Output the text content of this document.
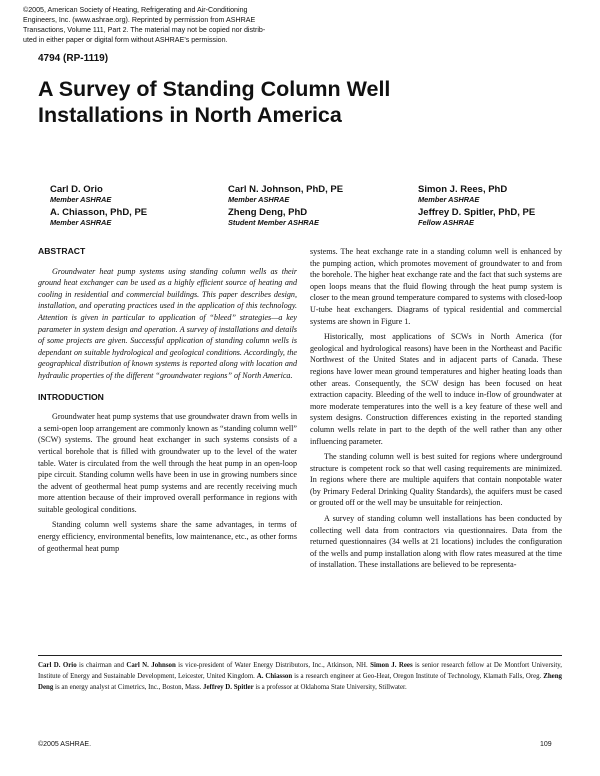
©2005, American Society of Heating, Refrigerating and Air-Conditioning
Engineers, Inc. (www.ashrae.org). Reprinted by permission from ASHRAE
Transactions, Volume 111, Part 2. The material may not be copied nor distrib-
uted in either paper or digital form without ASHRAE’s permission.
4794 (RP-1119)
A Survey of Standing Column Well
Installations in North America
Carl D. Orio
Member ASHRAE
Carl N. Johnson, PhD, PE
Member ASHRAE
Simon J. Rees, PhD
Member ASHRAE
A. Chiasson, PhD, PE
Member ASHRAE
Zheng Deng, PhD
Student Member ASHRAE
Jeffrey D. Spitler, PhD, PE
Fellow ASHRAE
ABSTRACT

Groundwater heat pump systems using standing column wells as their ground heat exchanger can be used as a highly efficient source of heating and cooling in residential and commercial buildings. This paper describes design, installation, and operating practices used in the application of this technology. Attention is given in particular to application of “bleed” strategies—a key parameter in system design and operation. A survey of installations and details of some projects are given. Successful application of standing column wells is dependant on suitable hydrological and geological conditions. Accordingly, the geographical distribution of known systems is reported along with location and hydraulic properties of the different “groundwater regions” of North America.

INTRODUCTION

Groundwater heat pump systems that use groundwater drawn from wells in a semi-open loop arrangement are commonly known as “standing column well” (SCW) systems. The ground heat exchanger in such systems consists of a vertical borehole that is filled with groundwater up to the level of the water table. Water is circulated from the well through the heat pump in an open-loop pipe circuit. Standing column wells have been in use in growing numbers since the advent of geothermal heat pump systems and are recently receiving much more attention because of their improved overall performance in regions with suitable geological conditions.

Standing column well systems share the same advantages, in terms of energy efficiency, environmental benefits, low maintenance, etc., as other forms of geothermal heat pump

systems. The heat exchange rate in a standing column well is enhanced by the pumping action, which promotes movement of groundwater to and from the borehole. The higher heat exchange rate and the fact that such systems are open loops means that the fluid flowing through the heat pump system is closer to the mean ground temperature compared to systems with closed-loop U-tube heat exchangers. Diagrams of typical residential and commercial systems are shown in Figure 1.

Historically, most applications of SCWs in North America (for geological and hydrological reasons) have been in the Northeast and Pacific Northwest of the United States and in adjacent parts of Canada. These regions have lower mean ground temperatures and higher heating loads than other areas. Consequently, the SCW design has been focused on heat extraction capacity. Bleeding of the well to induce in-flow of groundwater at more moderate temperatures into the well is a key feature of these well and system designs. Construction differences existing in the reported standing column wells relate in part to the depth of the well rather than any other influencing parameter.

The standing column well is best suited for regions where underground structure is competent rock so that well casing requirements are minimized. In regions where there are multiple aquifers that contain nonpotable water (by Primary Federal Drinking Quality Standards), the aquifers must be cased or grouted off or the well may be unsuitable for reinjection.

A survey of standing column well installations has been conducted by collecting well data from contractors via questionnaires. Data from the returned questionnaires (34 wells at 21 locations) includes the configuration of the wells and pump installation along with flow rates measured at the time of installation. These installations are believed to be representa-

Carl D. Orio is chairman and Carl N. Johnson is vice-president of Water Energy Distributors, Inc., Atkinson, NH. Simon J. Rees is senior research fellow at De Montfort University, Institute of Energy and Sustainable Development, Leicester, United Kingdom. A. Chiasson is a research engineer at Geo-Heat, Oregon Institute of Technology, Klamath Falls, Oreg. Zheng Deng is an energy analyst at Cimetrics, Inc., Boston, Mass. Jeffrey D. Spitler is a professor at Oklahoma State University, Stillwater.
©2005 ASHRAE.	109
